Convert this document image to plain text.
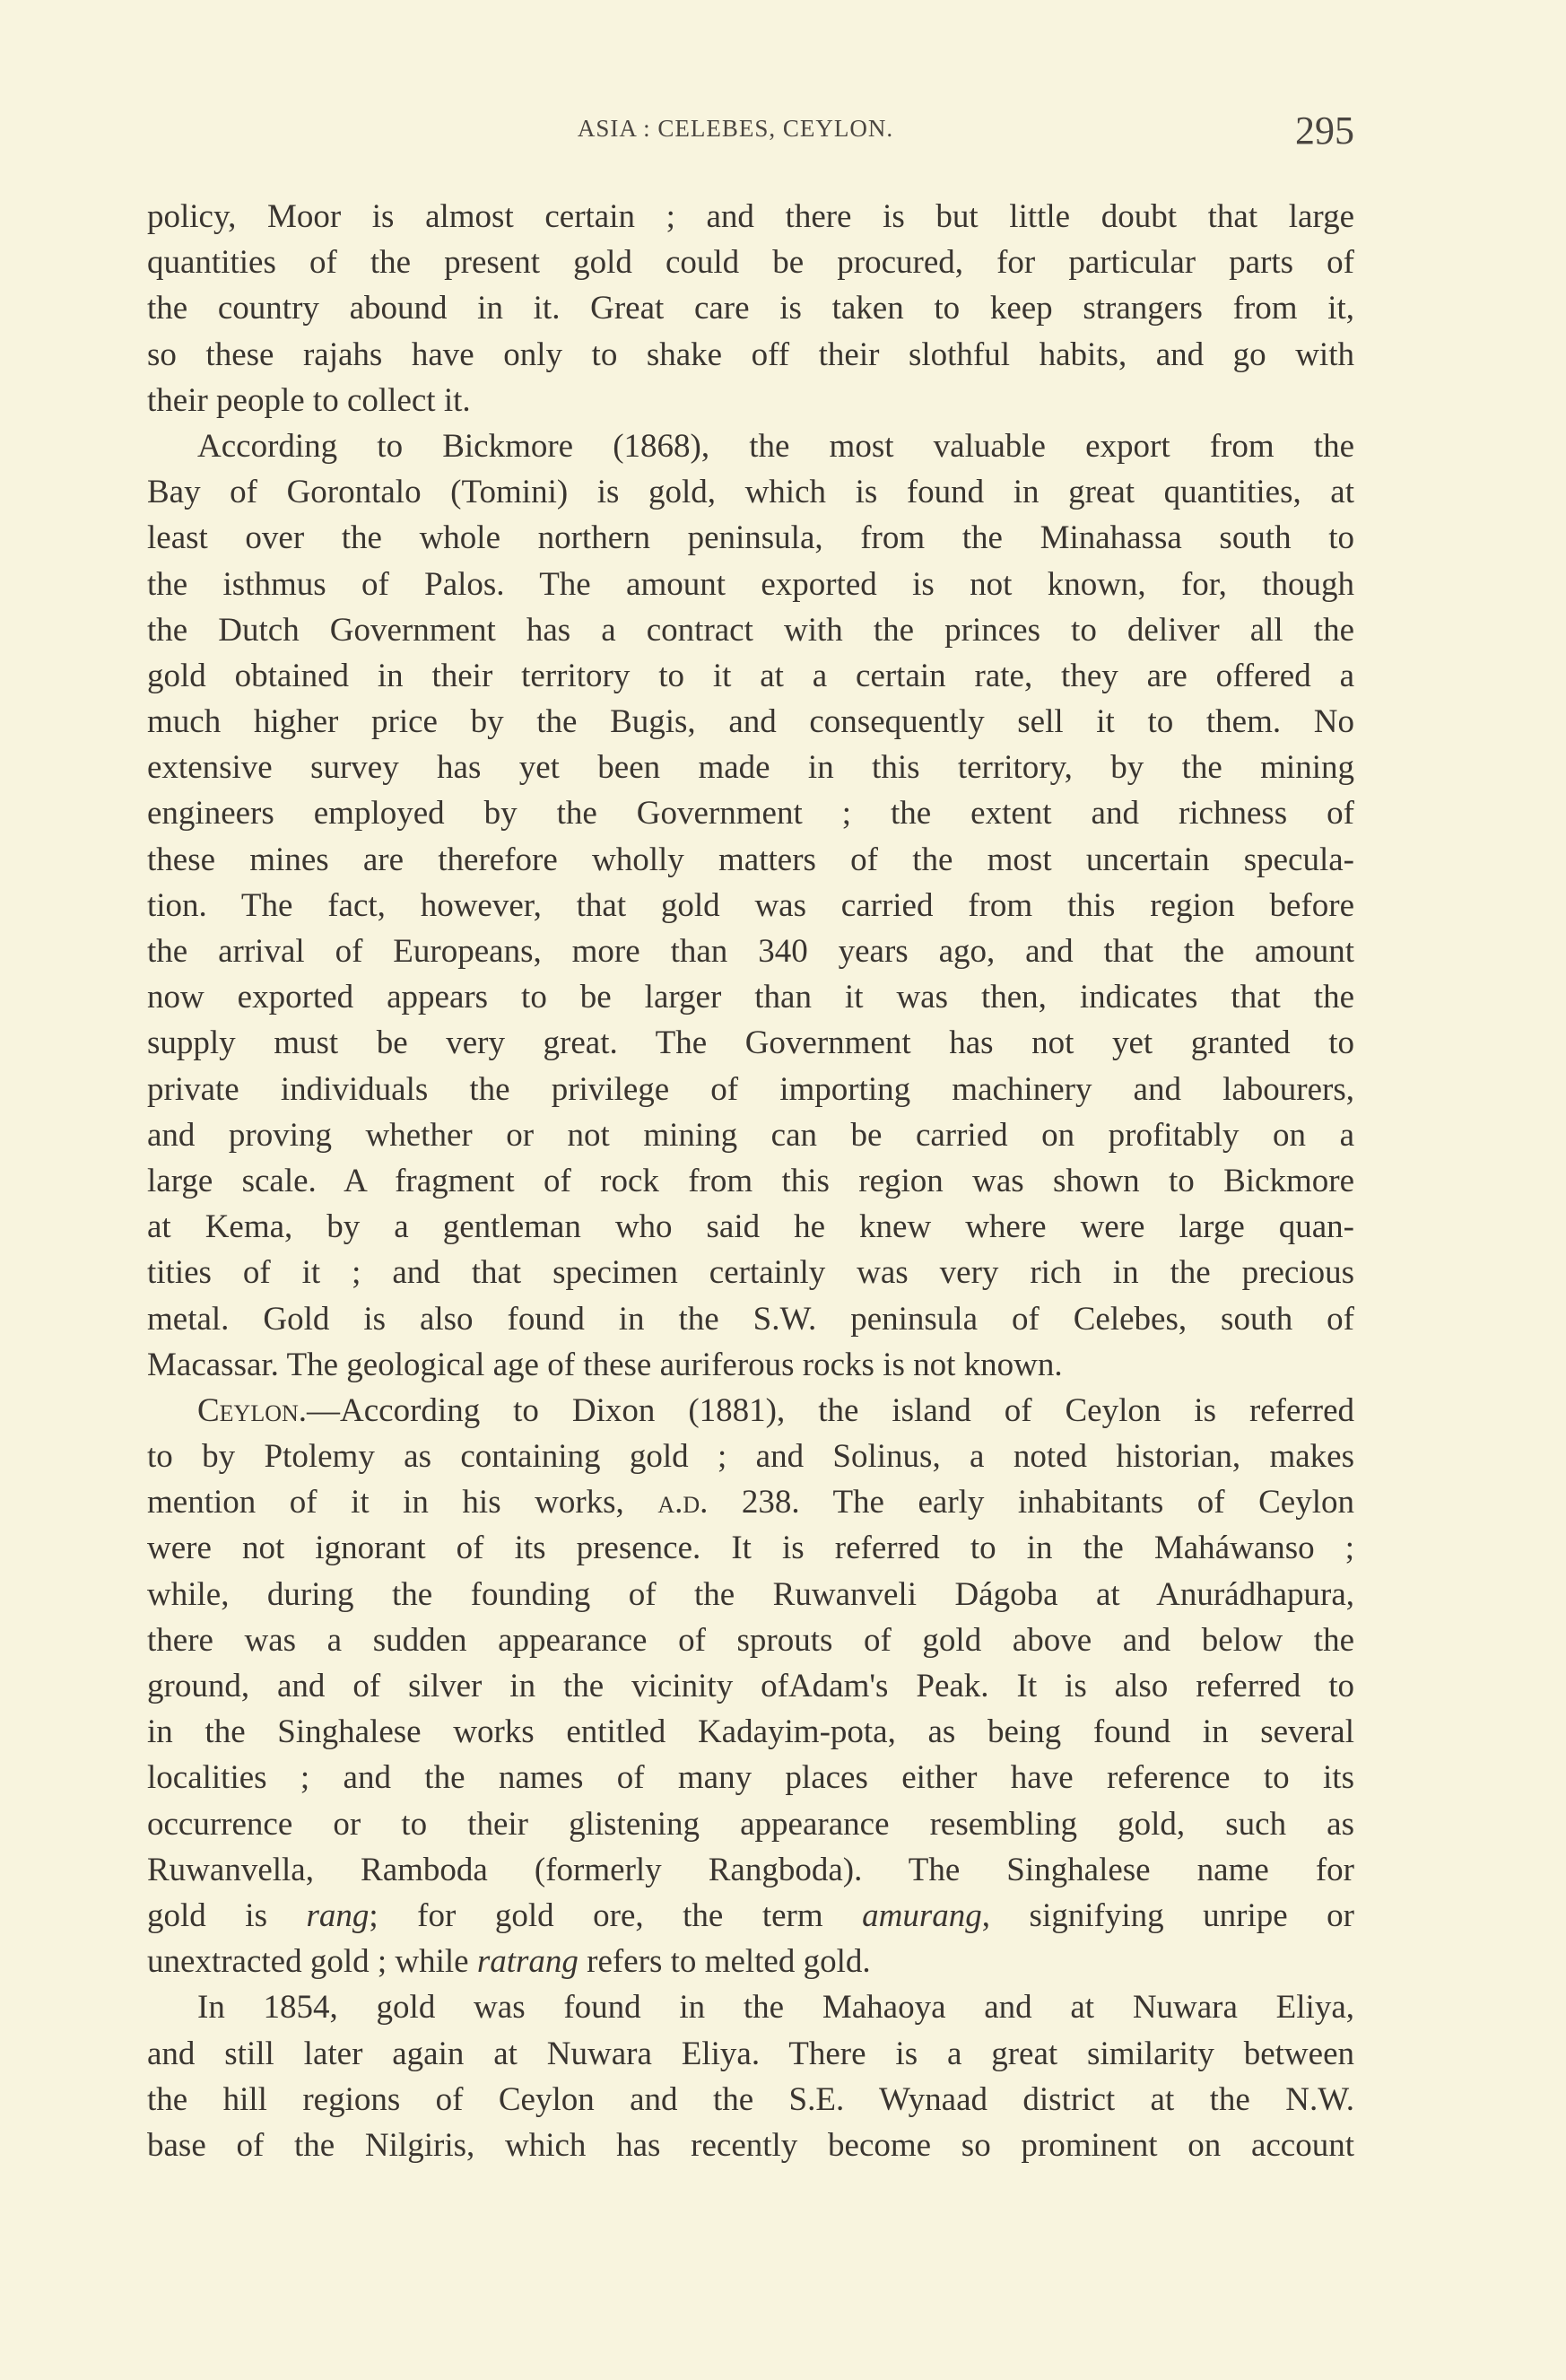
ASIA : CELEBES, CEYLON.	295
policy, Moor is almost certain ; and there is but little doubt that large
quantities of the present gold could be procured, for particular parts of
the country abound in it. Great care is taken to keep strangers from it,
so these rajahs have only to shake off their slothful habits, and go with
their people to collect it.
According to Bickmore (1868), the most valuable export from the
Bay of Gorontalo (Tomini) is gold, which is found in great quantities, at
least over the whole northern peninsula, from the Minahassa south to
the isthmus of Palos. The amount exported is not known, for, though
the Dutch Government has a contract with the princes to deliver all the
gold obtained in their territory to it at a certain rate, they are offered a
much higher price by the Bugis, and consequently sell it to them. No
extensive survey has yet been made in this territory, by the mining
engineers employed by the Government ; the extent and richness of
these mines are therefore wholly matters of the most uncertain specula-
tion. The fact, however, that gold was carried from this region before
the arrival of Europeans, more than 340 years ago, and that the amount
now exported appears to be larger than it was then, indicates that the
supply must be very great. The Government has not yet granted to
private individuals the privilege of importing machinery and labourers,
and proving whether or not mining can be carried on profitably on a
large scale. A fragment of rock from this region was shown to Bickmore
at Kema, by a gentleman who said he knew where were large quan-
tities of it ; and that specimen certainly was very rich in the precious
metal. Gold is also found in the S.W. peninsula of Celebes, south of
Macassar. The geological age of these auriferous rocks is not known.
Ceylon.—According to Dixon (1881), the island of Ceylon is referred
to by Ptolemy as containing gold ; and Solinus, a noted historian, makes
mention of it in his works, a.d. 238. The early inhabitants of Ceylon
were not ignorant of its presence. It is referred to in the Maháwanso ;
while, during the founding of the Ruwanveli Dágoba at Anurádhapura,
there was a sudden appearance of sprouts of gold above and below the
ground, and of silver in the vicinity ofAdam's Peak. It is also referred to
in the Singhalese works entitled Kadayim-pota, as being found in several
localities ; and the names of many places either have reference to its
occurrence or to their glistening appearance resembling gold, such as
Ruwanvella, Ramboda (formerly Rangboda). The Singhalese name for
gold is rang; for gold ore, the term amurang, signifying unripe or
unextracted gold ; while ratrang refers to melted gold.
In 1854, gold was found in the Mahaoya and at Nuwara Eliya,
and still later again at Nuwara Eliya. There is a great similarity between
the hill regions of Ceylon and the S.E. Wynaad district at the N.W.
base of the Nilgiris, which has recently become so prominent on account
